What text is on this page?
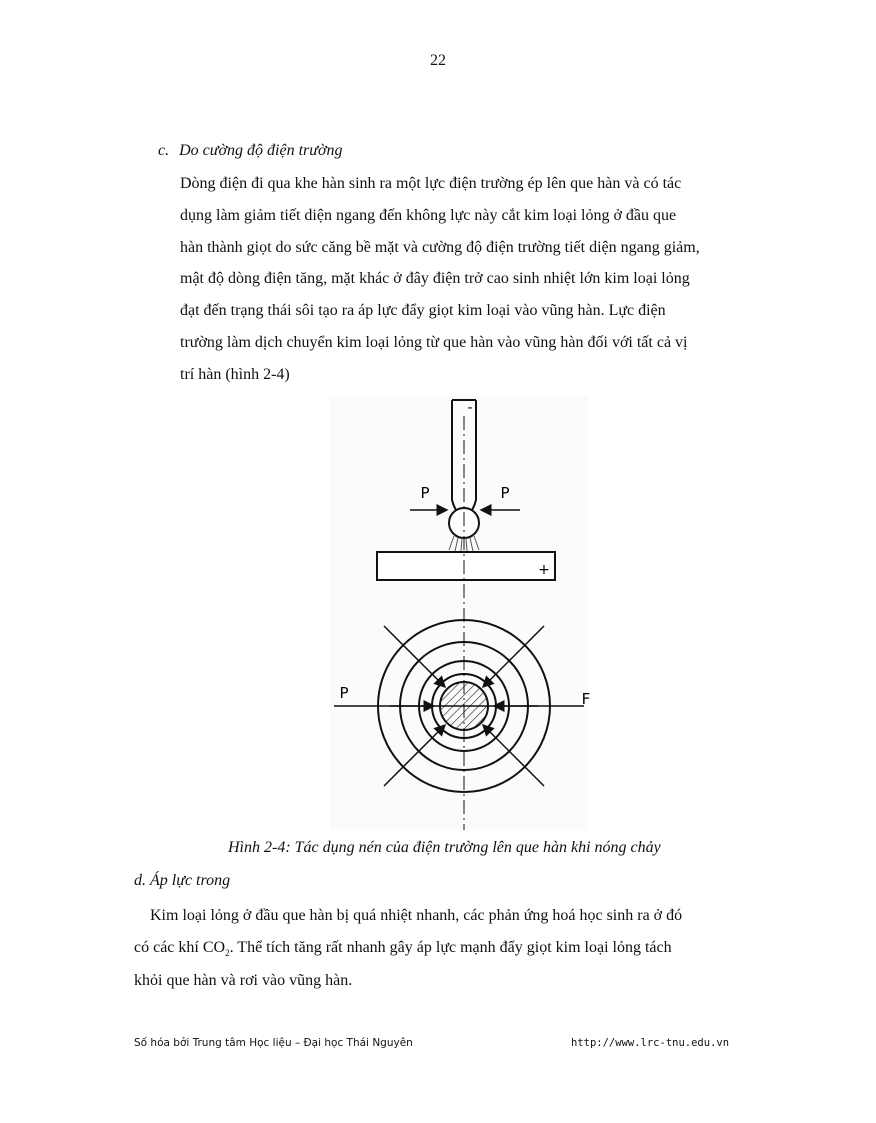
22
c. Do cường độ điện trường
Dòng điện đi qua khe hàn sinh ra một lực điện trường ép lên que hàn và có tác
dụng làm giảm tiết diện ngang đến không lực này cắt kim loại lỏng ở đầu que
hàn thành giọt do sức căng bề mặt và cường độ điện trường tiết diện ngang giảm,
mật độ dòng điện tăng, mặt khác ở đây điện trở cao sinh nhiệt lớn kim loại lỏng
đạt đến trạng thái sôi tạo ra áp lực đẩy giọt kim loại vào vũng hàn. Lực điện
trường làm dịch chuyển kim loại lỏng từ que hàn vào vũng hàn đối với tất cả vị
trí hàn (hình 2-4)
-
P	P
+
P	F
Hình 2-4: Tác dụng nén của điện trường lên que hàn khi nóng chảy
d. Áp lực trong
Kim loại lỏng ở đầu que hàn bị quá nhiệt nhanh, các phản ứng hoá học sinh ra ở đó
có các khí $CO_2$. Thể tích tăng rất nhanh gây áp lực mạnh đẩy giọt kim loại lỏng tách
khỏi que hàn và rơi vào vũng hàn.
Số hóa bởi Trung tâm Học liệu – Đại học Thái Nguyên	http://www.lrc-tnu.edu.vn
